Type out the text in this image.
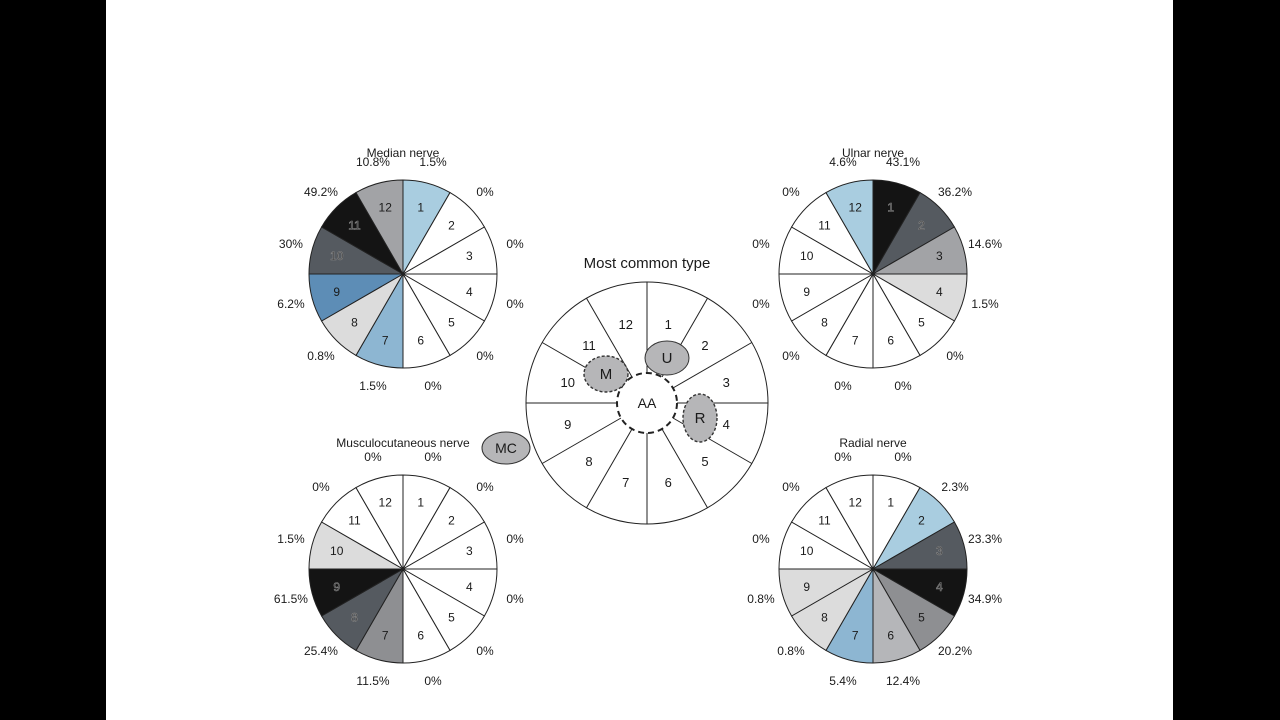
Median nerve
1
1.5%
2
0%
3
0%
4
0%
5
0%
6
0%
7
1.5%
8
0.8%
9
6.2%
10
30%
11
49.2%
12
10.8%
Ulnar nerve
1
43.1%
2
36.2%
3
14.6%
4
1.5%
5
0%
6
0%
7
0%
8
0%
9
0%
10
0%
11
0%
12
4.6%
Musculocutaneous nerve
1
0%
2
0%
3
0%
4
0%
5
0%
6
0%
7
11.5%
8
25.4%
9
61.5%
10
1.5%
11
0%
12
0%
Radial nerve
1
0%
2
2.3%
3
23.3%
4
34.9%
5
20.2%
6
12.4%
7
5.4%
8
0.8%
9
0.8%
10
0%
11
0%
12
0%
Most common type
1
2
3
4
5
6
7
8
9
10
11
12
AA
U
M
R
MC
